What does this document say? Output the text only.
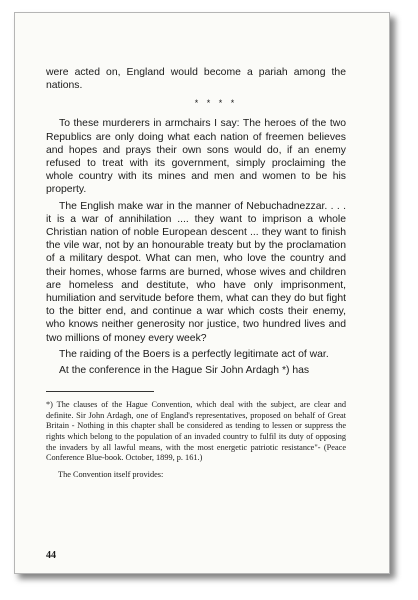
were acted on, England would become a pariah among the nations.

* * * *

To these murderers in armchairs I say: The heroes of the two Republics are only doing what each nation of freemen believes and hopes and prays their own sons would do, if an enemy refused to treat with its government, simply proclaiming the whole country with its mines and men and women to be his property.

The English make war in the manner of Nebuchadnezzar. . . . it is a war of annihilation .... they want to imprison a whole Christian nation of noble European descent ... they want to finish the vile war, not by an honourable treaty but by the proclamation of a military despot. What can men, who love the country and their homes, whose farms are burned, whose wives and children are homeless and destitute, who have only imprisonment, humiliation and servitude before them, what can they do but fight to the bitter end, and continue a war which costs their enemy, who knows neither generosity nor justice, two hundred lives and two millions of money every week?

The raiding of the Boers is a perfectly legitimate act of war.

At the conference in the Hague Sir John Ardagh *) has

*) The clauses of the Hague Convention, which deal with the subject, are clear and definite. Sir John Ardagh, one of England's representatives, proposed on behalf of Great Britain - Nothing in this chapter shall be considered as tending to lessen or suppress the rights which belong to the population of an invaded country to fulfil its duty of opposing the invaders by all lawful means, with the most energetic patriotic resistance"- (Peace Conference Blue-book. October, 1899, p. 161.)

The Convention itself provides:

44
